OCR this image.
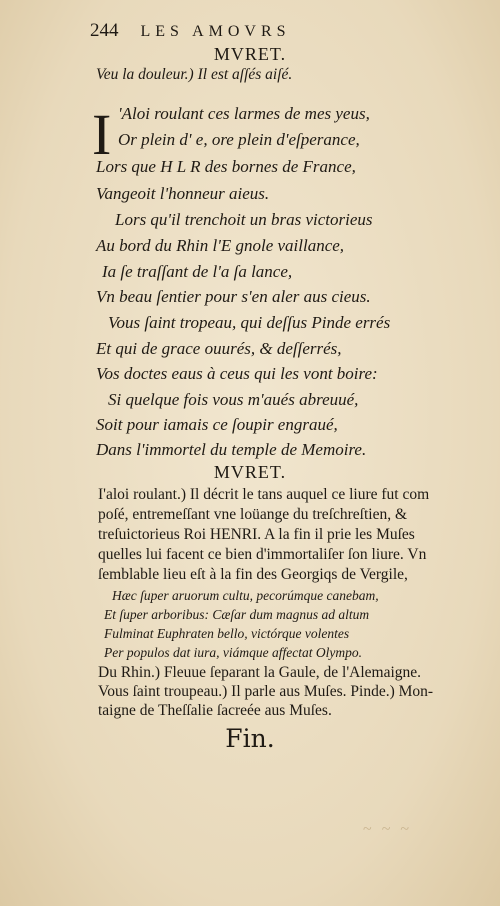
244 LES AMOVRS
MVRET.
Veu la douleur.) Il est aſſés aiſé.
I 'Aloi roulant ces larmes de mes yeus,
Or plein d' e, ore plein d'eſperance,
Lors que H L R des bornes de France,
Vangeoit l'honneur aieus.
Lors qu'il trenchoit un bras victorieus
Au bord du Rhin l'E gnole vaillance,
Ia ſe traſſant de l'a ſa lance,
Vn beau ſentier pour s'en aler aus cieus.
Vous ſaint tropeau, qui deſſus Pinde errés
Et qui de grace ouurés, & deſſerrés,
Vos doctes eaus à ceus qui les vont boire:
Si quelque fois vous m'aués abreuué,
Soit pour iamais ce ſoupir engraué,
Dans l'immortel du temple de Memoire.
MVRET.
I'aloi roulant.) Il décrit le tans auquel ce liure fut com
poſé, entremeſſant vne loüange du treſchreſtien, &
treſuictorieus Roi HENRI. A la fin il prie les Muſes
quelles lui facent ce bien d'immortaliſer ſon liure. Vn
ſemblable lieu eſt à la fin des Georgiqs de Vergile,
Hæc ſuper aruorum cultu, pecorúmque canebam,
Et ſuper arboribus: Cæſar dum magnus ad altum
Fulminat Euphraten bello, victórque volentes
Per populos dat iura, viámque affectat Olympo.
Du Rhin.) Fleuue ſeparant la Gaule, de l'Alemaigne.
Vous ſaint troupeau.) Il parle aus Muſes. Pinde.) Mon-
taigne de Theſſalie ſacreée aus Muſes.
Fin.
~ ~ ~
